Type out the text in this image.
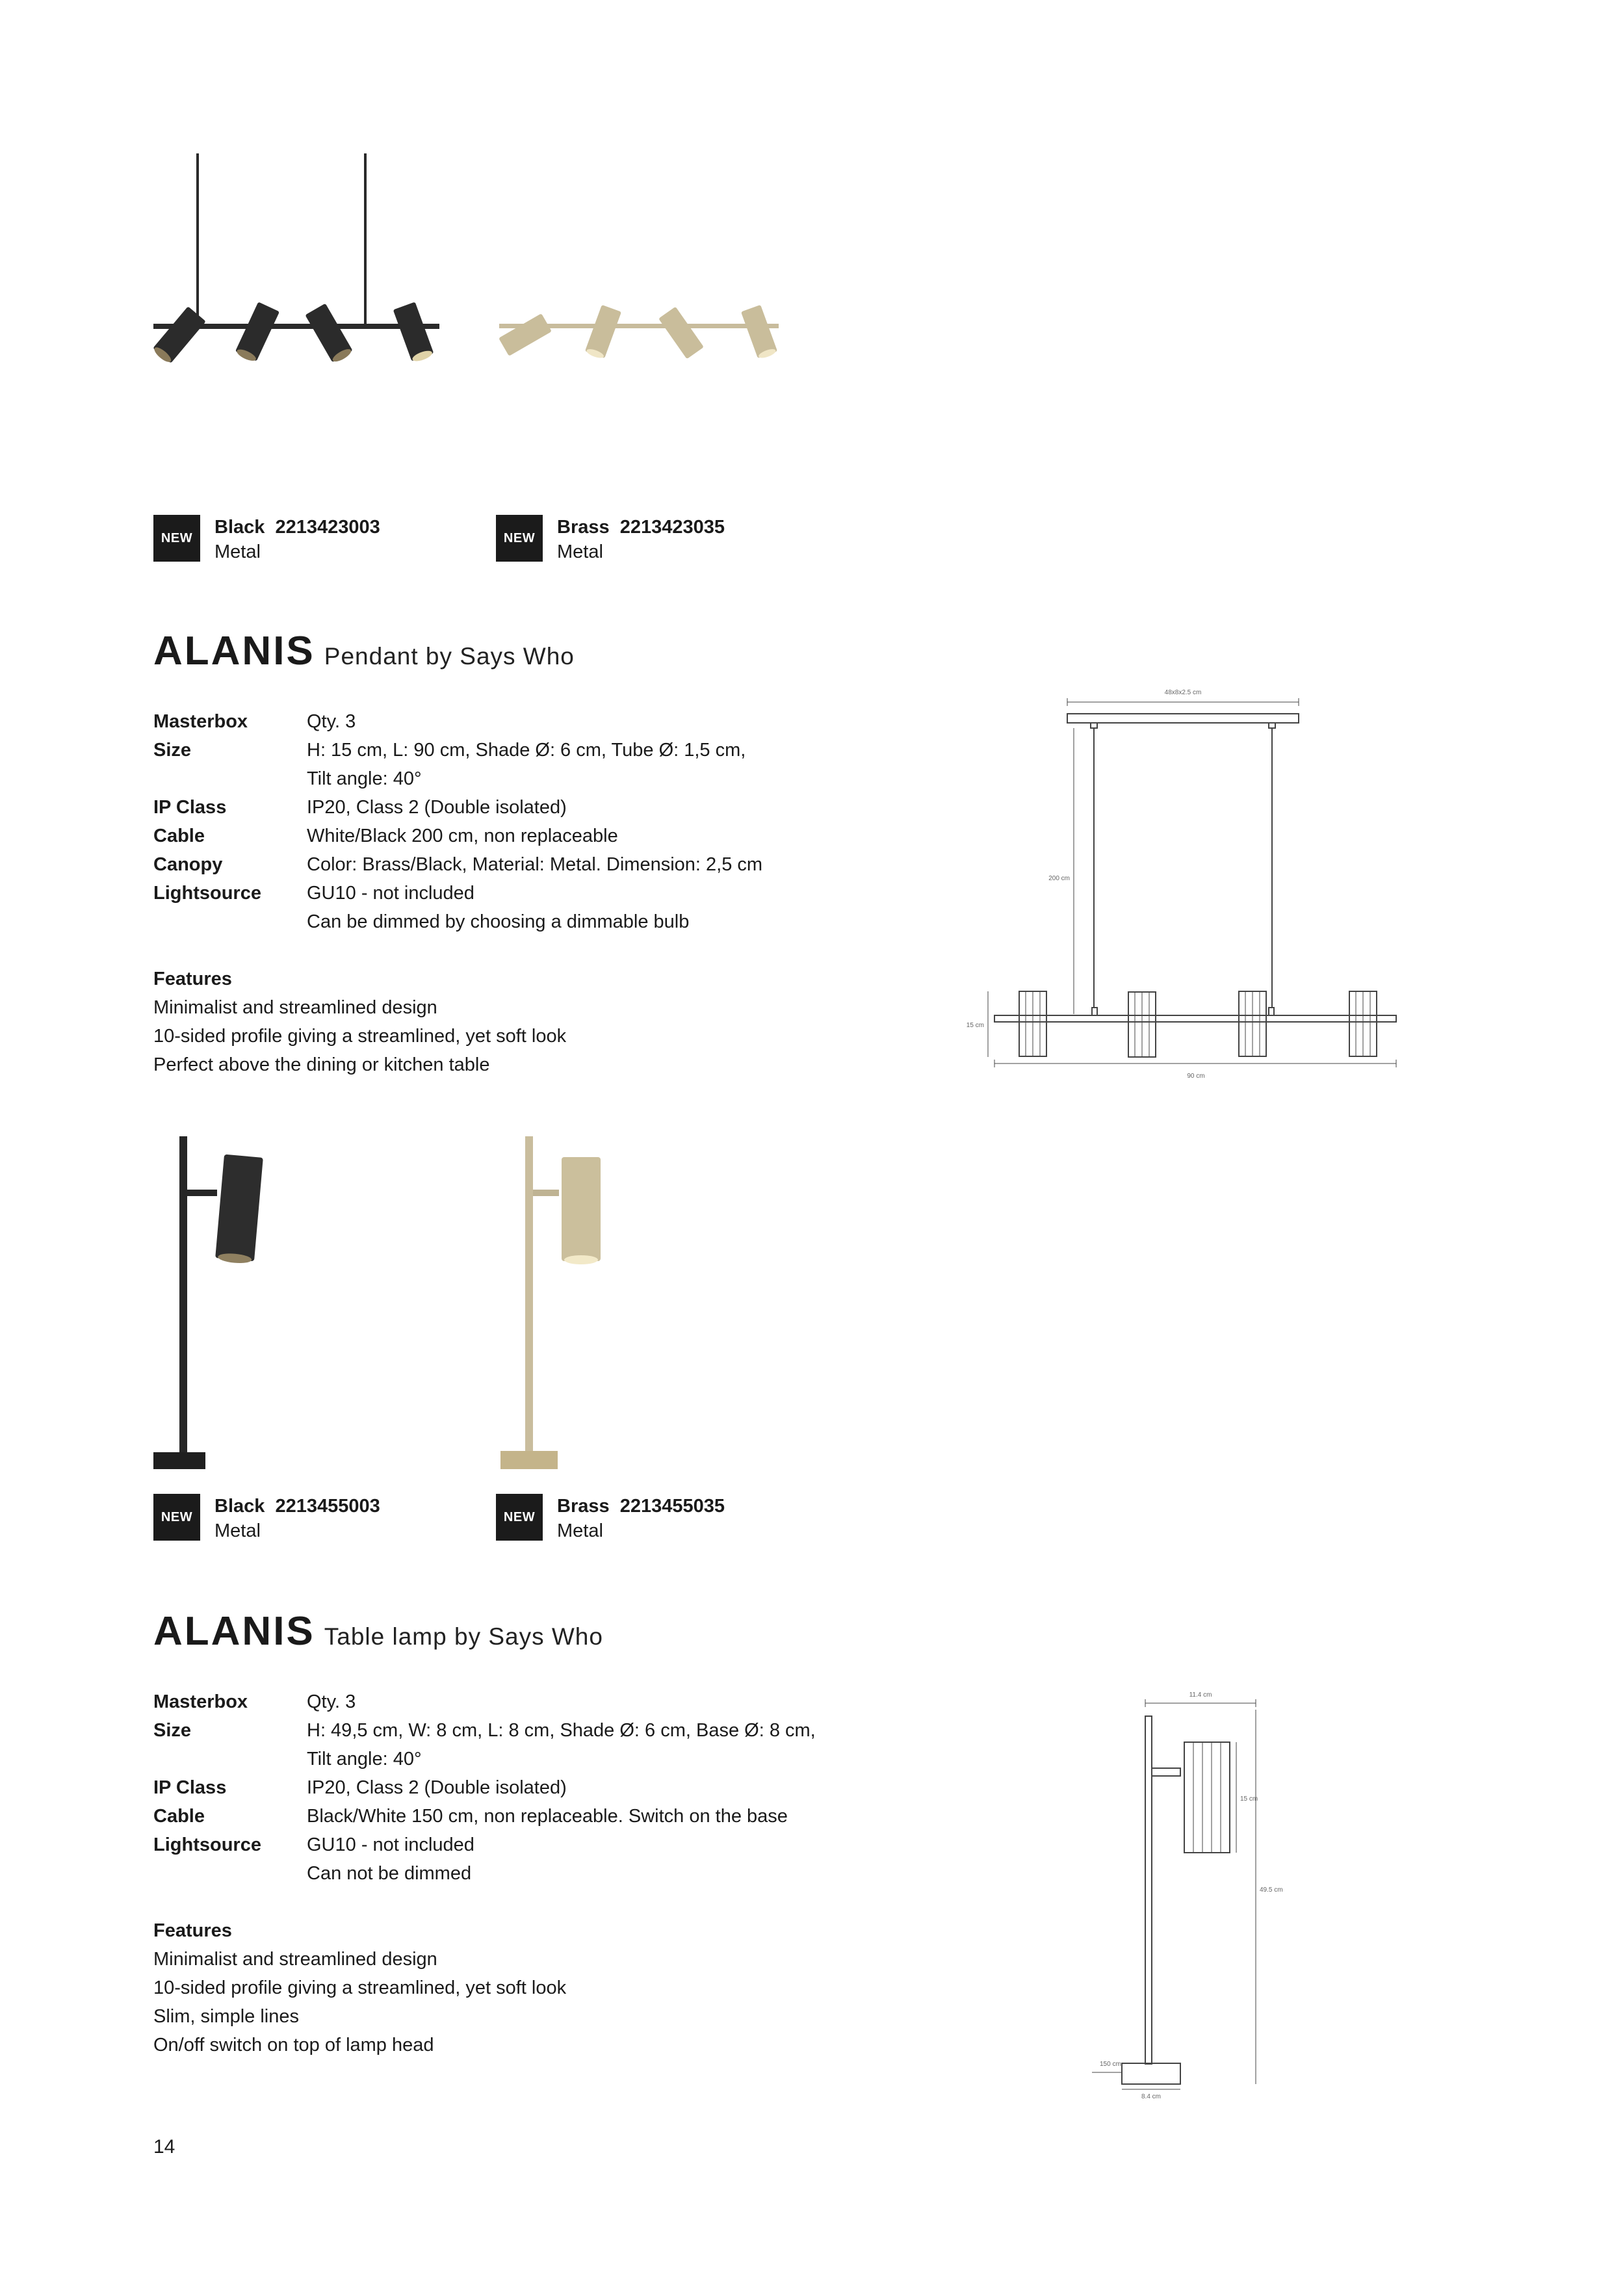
NEW
Black 2213423003
Metal
NEW
Brass 2213423035
Metal
ALANIS Pendant by Says Who
Masterbox	Qty. 3
Size	H: 15 cm, L: 90 cm, Shade Ø: 6 cm, Tube Ø: 1,5 cm,
Tilt angle: 40°
IP Class	IP20, Class 2 (Double isolated)
Cable	White/Black 200 cm, non replaceable
Canopy	Color: Brass/Black, Material: Metal. Dimension: 2,5 cm
Lightsource GU10 - not included
Can be dimmed by choosing a dimmable bulb
Features
Minimalist and streamlined design
10-sided profile giving a streamlined, yet soft look
Perfect above the dining or kitchen table
48x8x2.5 cm
200 cm
15 cm
90 cm
NEW
Black 2213455003
Metal
NEW
Brass 2213455035
Metal
ALANIS Table lamp by Says Who
Masterbox	Qty. 3
Size	H: 49,5 cm, W: 8 cm, L: 8 cm, Shade Ø: 6 cm, Base Ø: 8 cm,
Tilt angle: 40°
IP Class	IP20, Class 2 (Double isolated)
Cable	Black/White 150 cm, non replaceable. Switch on the base
Lightsource GU10 - not included
Can not be dimmed
Features
Minimalist and streamlined design
10-sided profile giving a streamlined, yet soft look
Slim, simple lines
On/off switch on top of lamp head
11.4 cm
15 cm
49.5 cm
150 cm
8.4 cm
14
